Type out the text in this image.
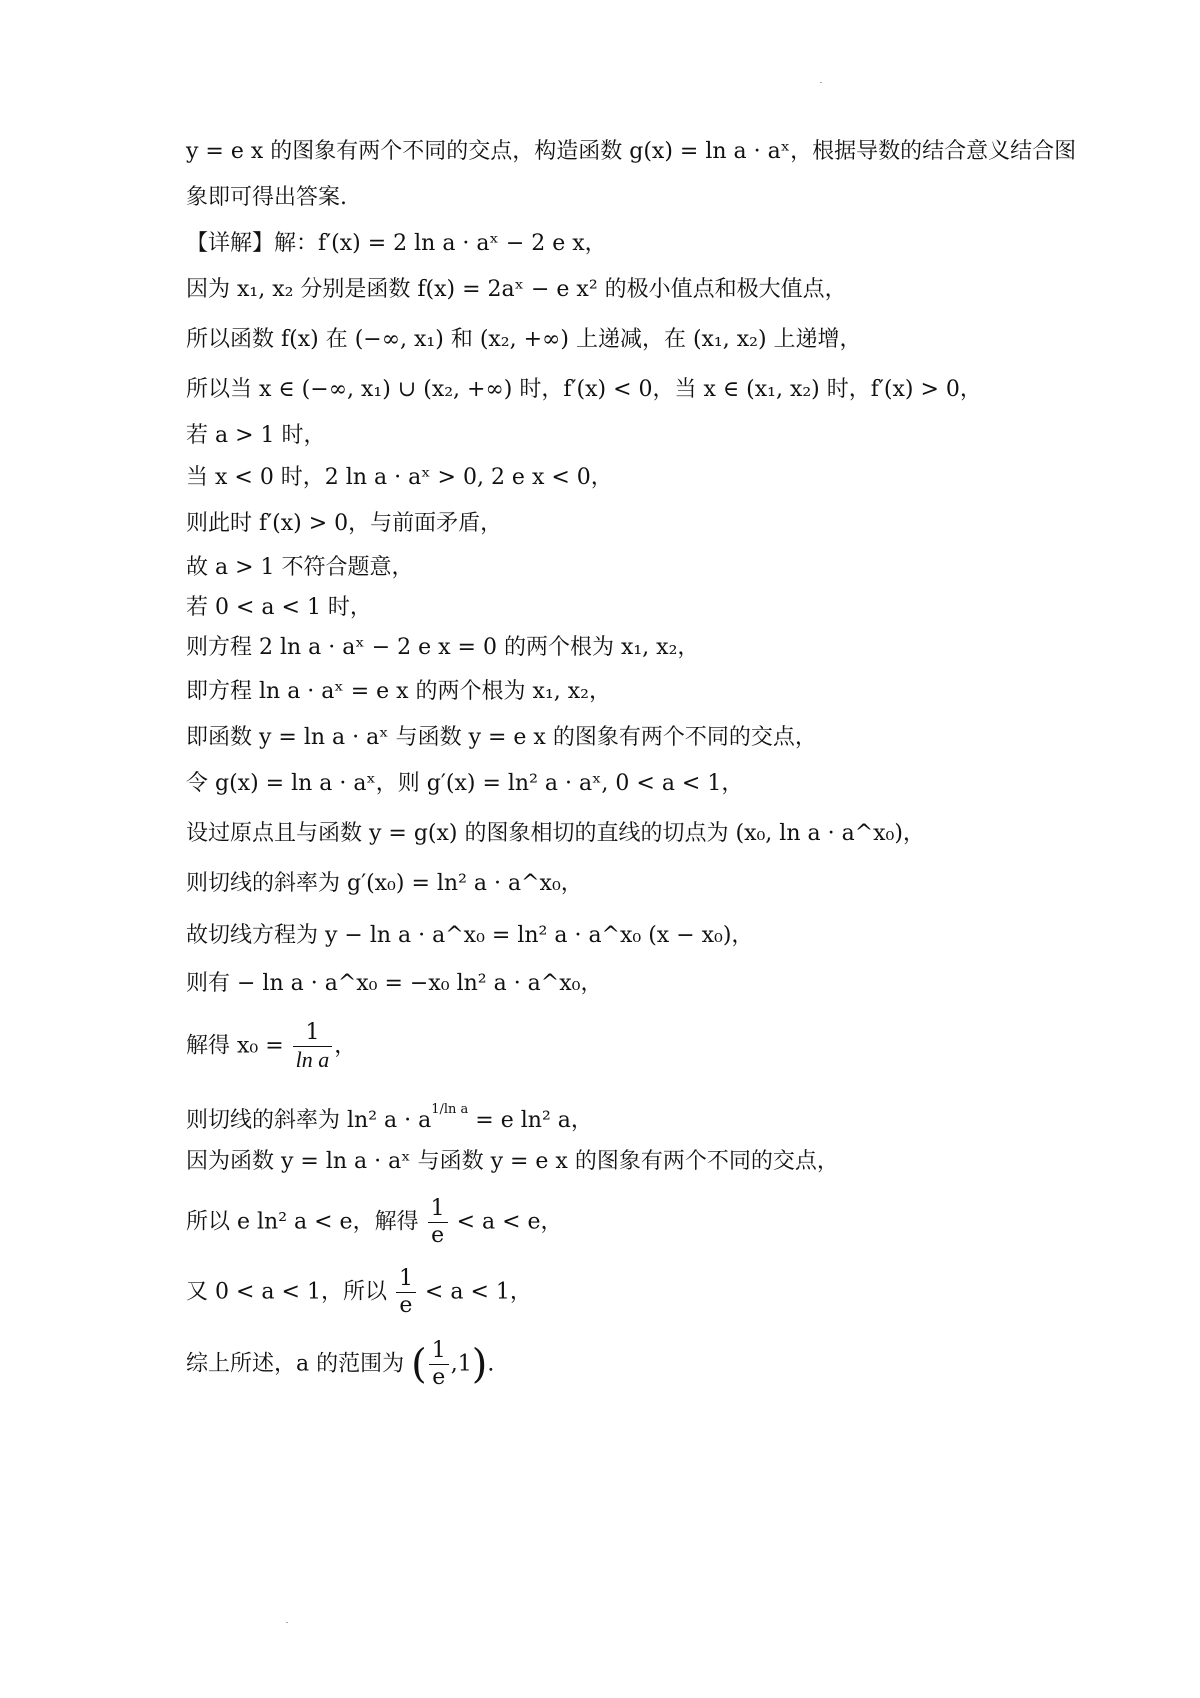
y = e x 的图象有两个不同的交点，构造函数 g(x) = ln a · aˣ，根据导数的结合意义结合图
象即可得出答案.
【详解】解：f′(x) = 2 ln a · aˣ − 2 e x，
因为 x₁, x₂ 分别是函数 f(x) = 2aˣ − e x² 的极小值点和极大值点，
所以函数 f(x) 在 (−∞, x₁) 和 (x₂, +∞) 上递减，在 (x₁, x₂) 上递增，
所以当 x ∈ (−∞, x₁) ∪ (x₂, +∞) 时，f′(x) < 0，当 x ∈ (x₁, x₂) 时，f′(x) > 0，
若 a > 1 时，
当 x < 0 时，2 ln a · aˣ > 0, 2 e x < 0，
则此时 f′(x) > 0，与前面矛盾，
故 a > 1 不符合题意，
若 0 < a < 1 时，
则方程 2 ln a · aˣ − 2 e x = 0 的两个根为 x₁, x₂，
即方程 ln a · aˣ = e x 的两个根为 x₁, x₂，
即函数 y = ln a · aˣ 与函数 y = e x 的图象有两个不同的交点，
令 g(x) = ln a · aˣ，则 g′(x) = ln² a · aˣ, 0 < a < 1，
设过原点且与函数 y = g(x) 的图象相切的直线的切点为 (x₀, ln a · a^x₀)，
则切线的斜率为 g′(x₀) = ln² a · a^x₀，
故切线方程为 y − ln a · a^x₀ = ln² a · a^x₀ (x − x₀)，
则有 − ln a · a^x₀ = −x₀ ln² a · a^x₀，
解得 $x_0 = \frac{1}{\text{ln a}}$ ，
则切线的斜率为 ln² $a \cdot a^{1/ln a} = e$ ln² a，
因为函数 y = ln a · aˣ 与函数 y = e x 的图象有两个不同的交点，
所以 e ln² a < e，解得 $\frac{1}{e} < a < e$，
又 0 < a < 1，所以 $\frac{1}{e} < a < 1$，
综上所述，a 的范围为 ( $\frac{1}{e} ,1$).
